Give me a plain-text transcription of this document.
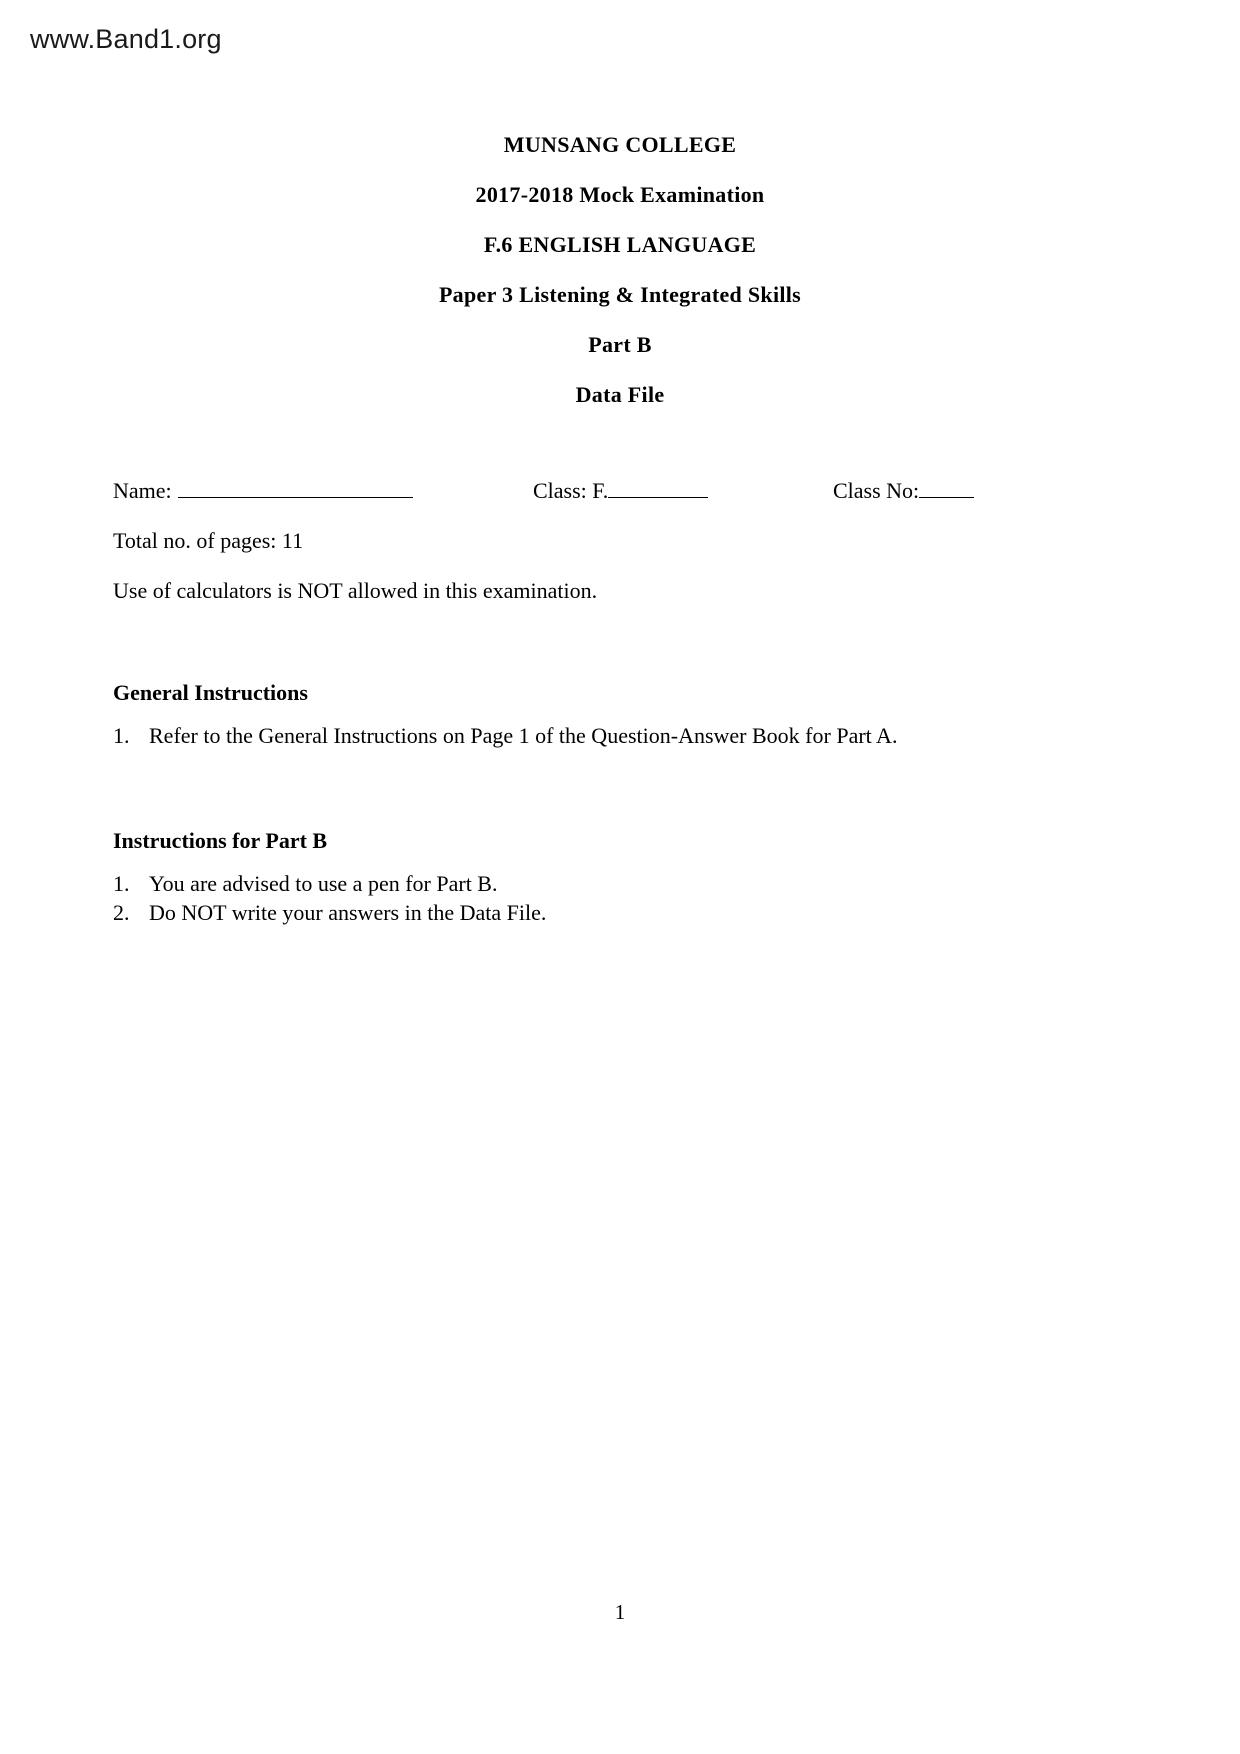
www.Band1.org
MUNSANG COLLEGE
2017-2018 Mock Examination
F.6 ENGLISH LANGUAGE
Paper 3 Listening & Integrated Skills
Part B
Data File
Name:	Class: F.	Class No:
Total no. of pages: 11
Use of calculators is NOT allowed in this examination.
General Instructions
1. Refer to the General Instructions on Page 1 of the Question-Answer Book for Part A.
Instructions for Part B
1. You are advised to use a pen for Part B.
2. Do NOT write your answers in the Data File.
1
